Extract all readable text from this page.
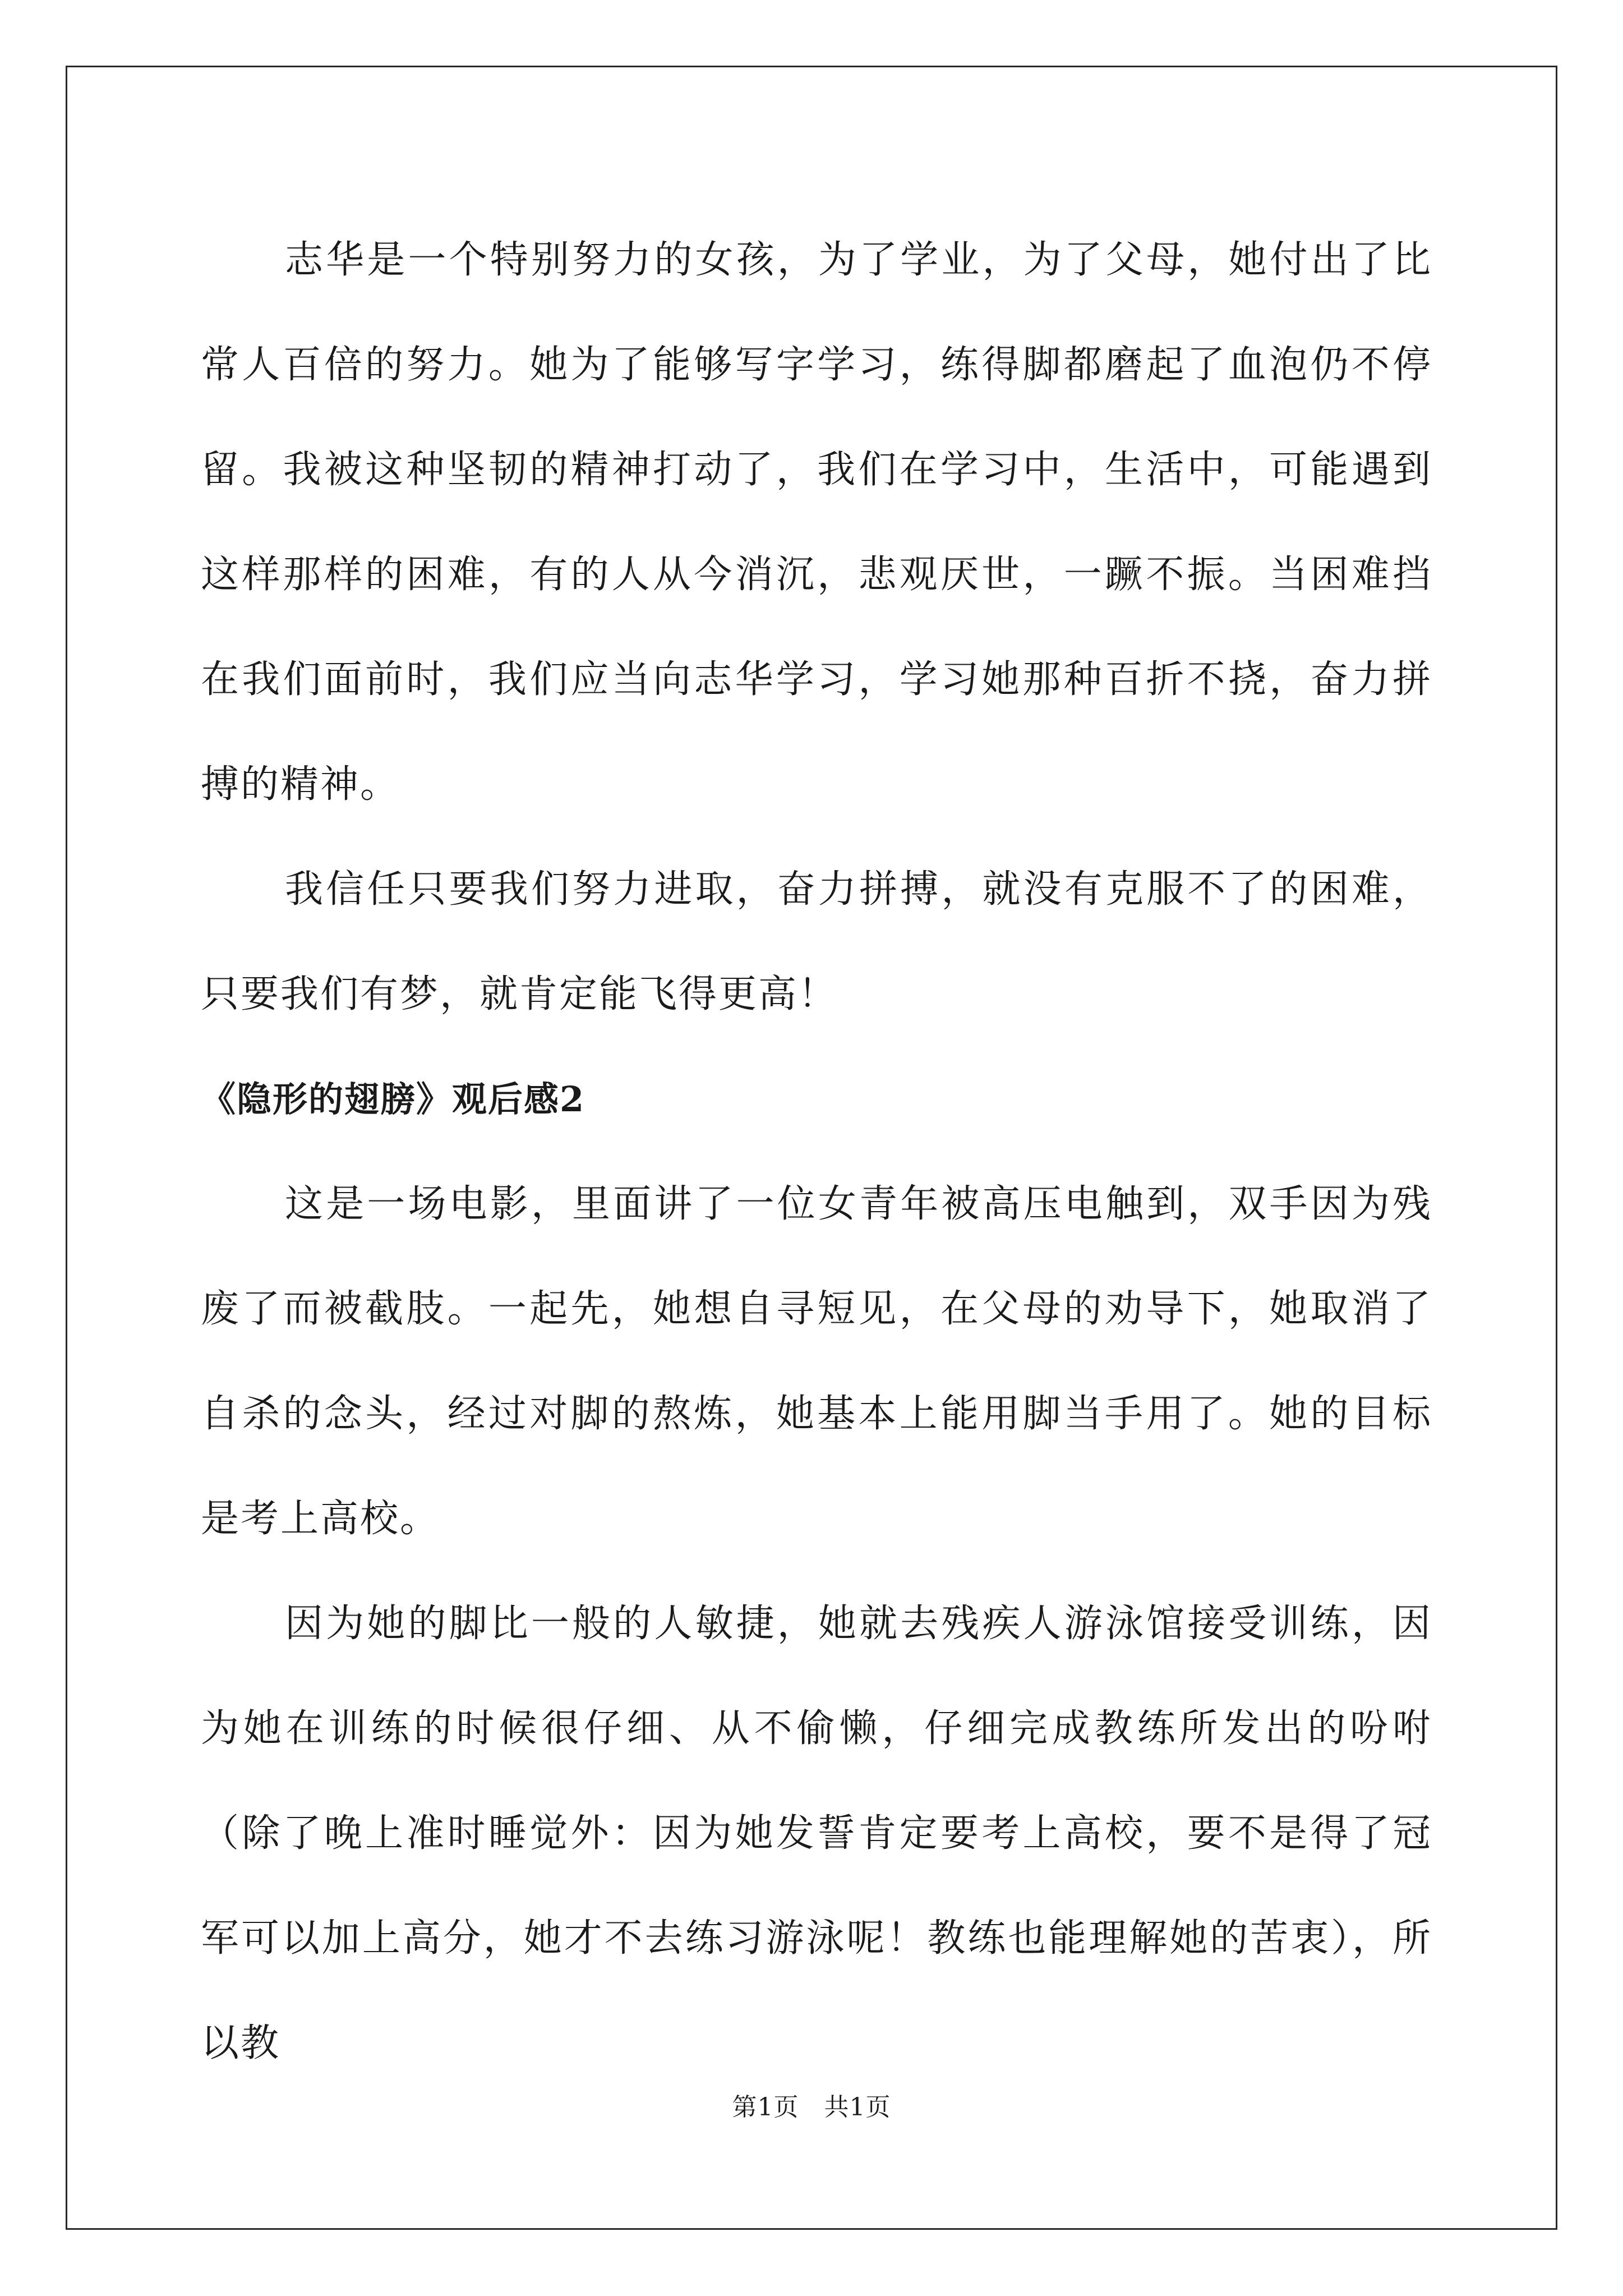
志华是一个特别努力的女孩，为了学业，为了父母，她付出了比常人百倍的努力。她为了能够写字学习，练得脚都磨起了血泡仍不停留。我被这种坚韧的精神打动了，我们在学习中，生活中，可能遇到这样那样的困难，有的人从今消沉，悲观厌世，一蹶不振。当困难挡在我们面前时，我们应当向志华学习，学习她那种百折不挠，奋力拼搏的精神。

我信任只要我们努力进取，奋力拼搏，就没有克服不了的困难，只要我们有梦，就肯定能飞得更高！

《隐形的翅膀》观后感2

这是一场电影，里面讲了一位女青年被高压电触到，双手因为残废了而被截肢。一起先，她想自寻短见，在父母的劝导下，她取消了自杀的念头，经过对脚的熬炼，她基本上能用脚当手用了。她的目标是考上高校。

因为她的脚比一般的人敏捷，她就去残疾人游泳馆接受训练，因为她在训练的时候很仔细、从不偷懒，仔细完成教练所发出的吩咐（除了晚上准时睡觉外：因为她发誓肯定要考上高校，要不是得了冠军可以加上高分，她才不去练习游泳呢！教练也能理解她的苦衷），所以教

第1页　共1页
